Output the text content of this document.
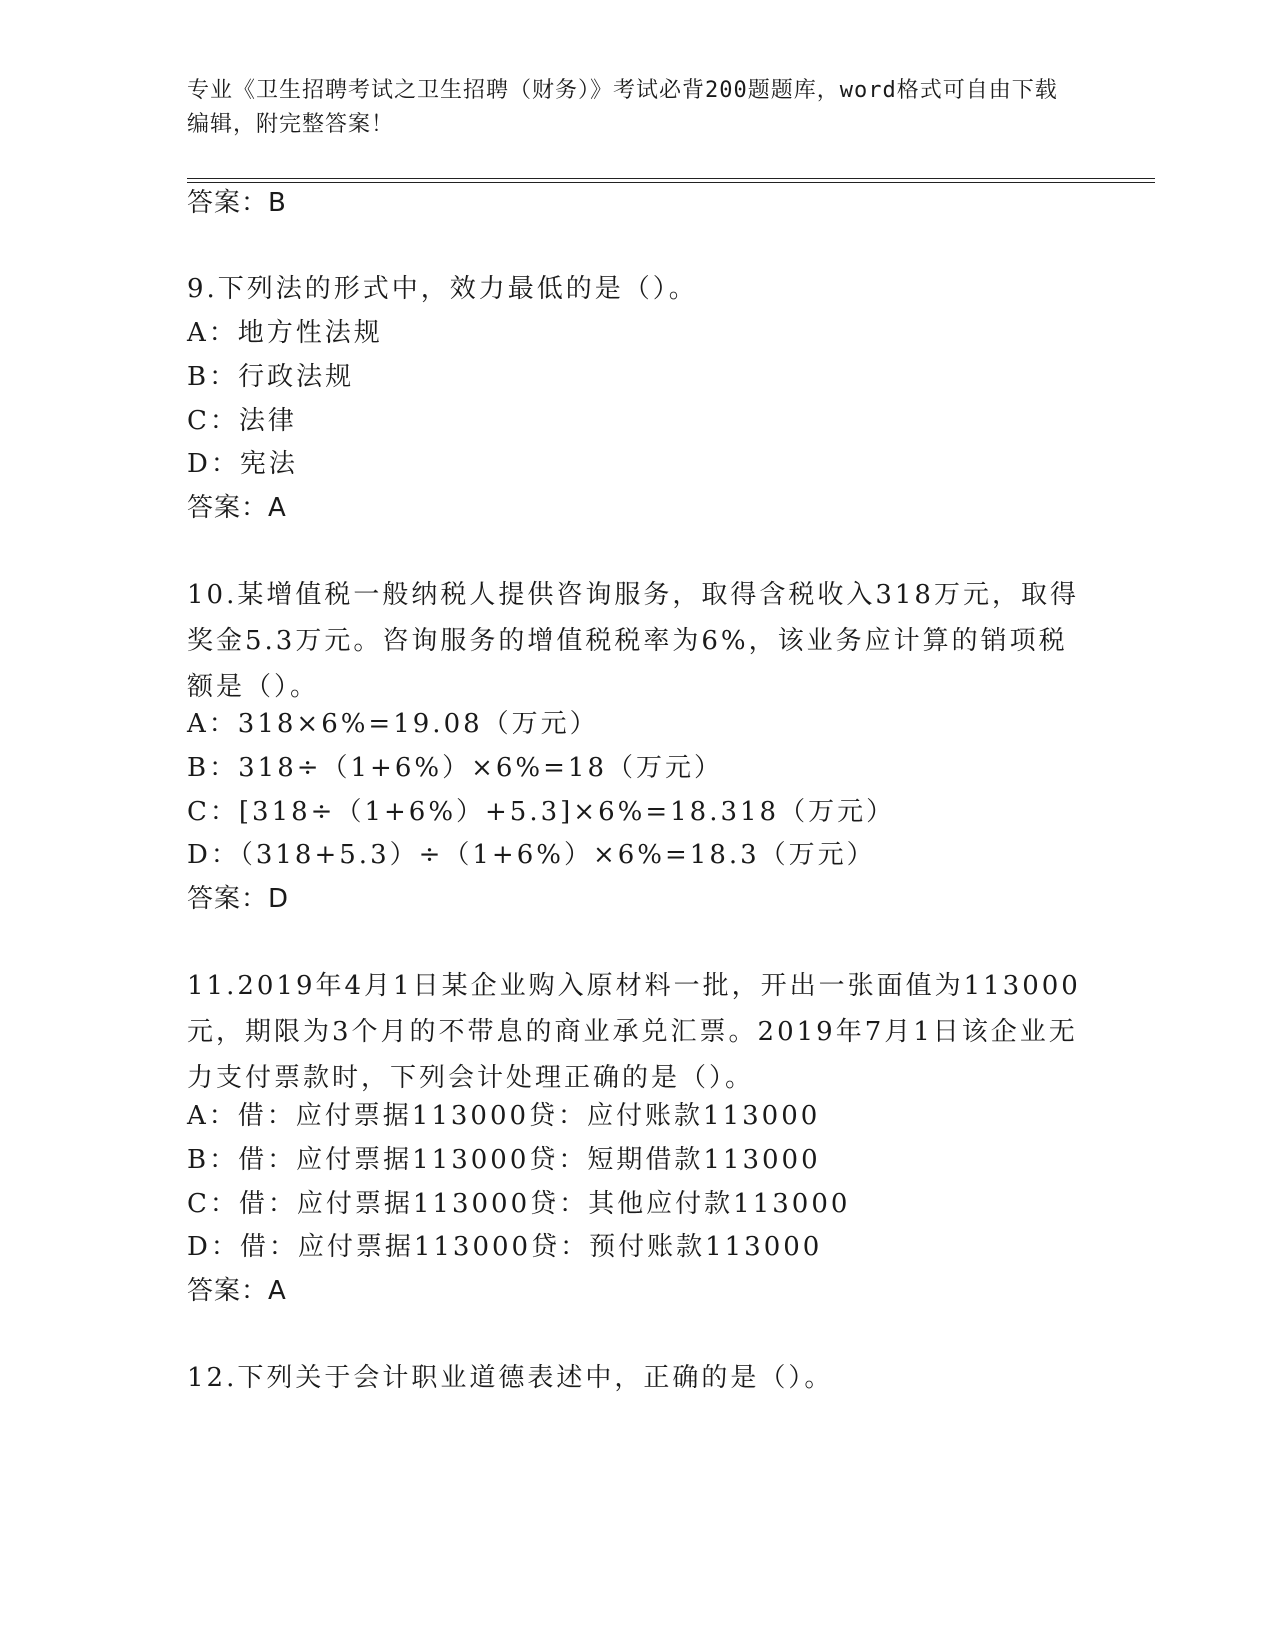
专业《卫生招聘考试之卫生招聘（财务）》考试必背200题题库，word格式可自由下载编辑，附完整答案！
答案：B
9.下列法的形式中，效力最低的是（）。
A：地方性法规
B：行政法规
C：法律
D：宪法
答案：A
10.某增值税一般纳税人提供咨询服务，取得含税收入318万元，取得奖金5.3万元。咨询服务的增值税税率为6%，该业务应计算的销项税额是（）。
A：318×6%=19.08（万元）
B：318÷（1+6%）×6%=18（万元）
C：[318÷（1+6%）+5.3]×6%=18.318（万元）
D：（318+5.3）÷（1+6%）×6%=18.3（万元）
答案：D
11.2019年4月1日某企业购入原材料一批，开出一张面值为113000元，期限为3个月的不带息的商业承兑汇票。2019年7月1日该企业无力支付票款时，下列会计处理正确的是（）。
A：借：应付票据113000贷：应付账款113000
B：借：应付票据113000贷：短期借款113000
C：借：应付票据113000贷：其他应付款113000
D：借：应付票据113000贷：预付账款113000
答案：A
12.下列关于会计职业道德表述中，正确的是（）。
